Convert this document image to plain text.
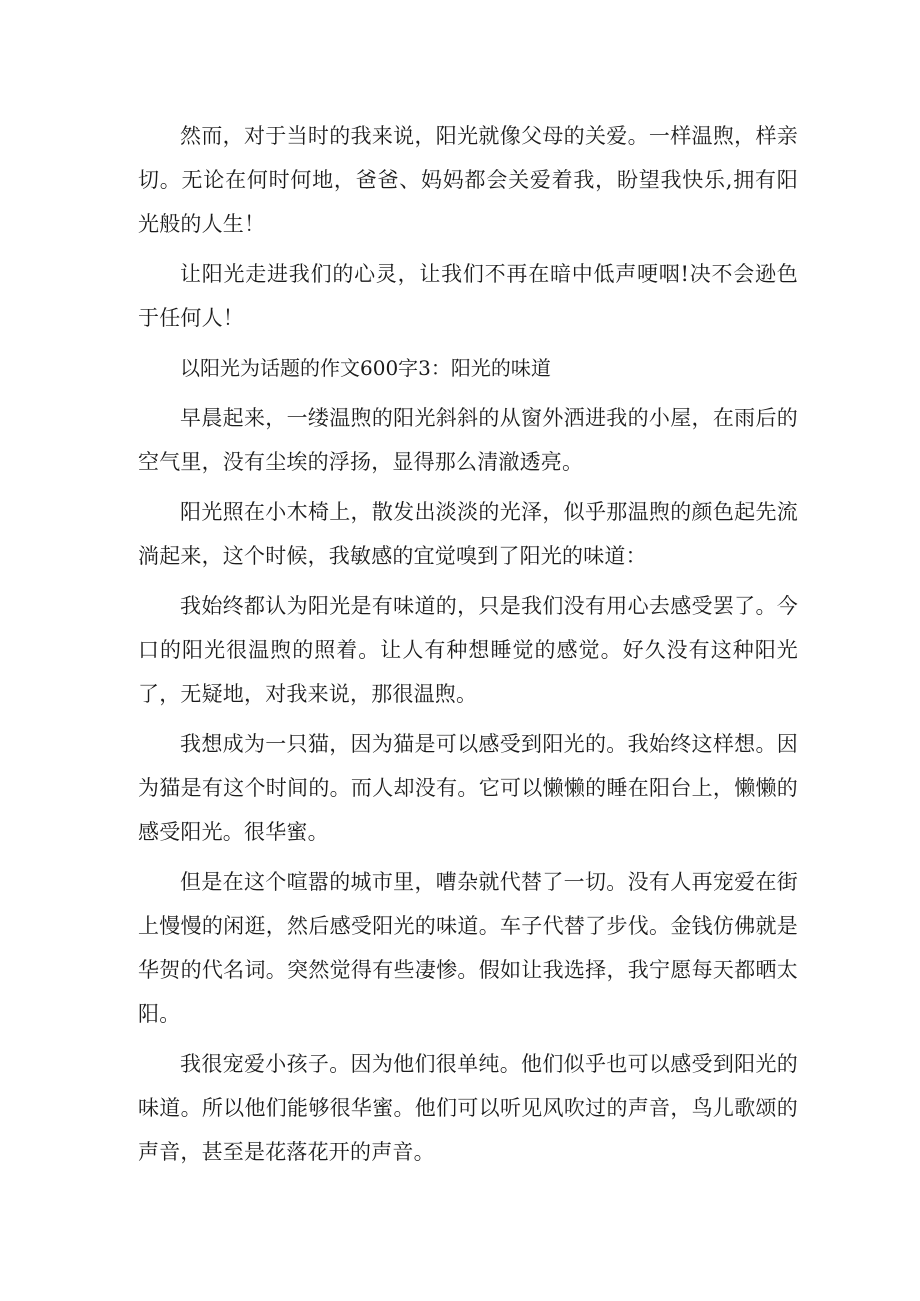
然而，对于当时的我来说，阳光就像父母的关爱。一样温煦，样亲切。无论在何时何地，爸爸、妈妈都会关爱着我，盼望我快乐,拥有阳光般的人生！

让阳光走进我们的心灵，让我们不再在暗中低声哽咽!决不会逊色于任何人！

以阳光为话题的作文600字3：阳光的味道

早晨起来，一缕温煦的阳光斜斜的从窗外洒进我的小屋，在雨后的空气里，没有尘埃的浮扬，显得那么清澈透亮。

阳光照在小木椅上，散发出淡淡的光泽，似乎那温煦的颜色起先流淌起来，这个时候，我敏感的宜觉嗅到了阳光的味道：

我始终都认为阳光是有味道的，只是我们没有用心去感受罢了。今口的阳光很温煦的照着。让人有种想睡觉的感觉。好久没有这种阳光了，无疑地，对我来说，那很温煦。

我想成为一只猫，因为猫是可以感受到阳光的。我始终这样想。因为猫是有这个时间的。而人却没有。它可以懒懒的睡在阳台上，懒懒的感受阳光。很华蜜。

但是在这个喧嚣的城市里，嘈杂就代替了一切。没有人再宠爱在街上慢慢的闲逛，然后感受阳光的味道。车子代替了步伐。金钱仿佛就是华贺的代名词。突然觉得有些凄惨。假如让我选择，我宁愿每天都晒太阳。

我很宠爱小孩子。因为他们很单纯。他们似乎也可以感受到阳光的味道。所以他们能够很华蜜。他们可以听见风吹过的声音，鸟儿歌颂的声音，甚至是花落花开的声音。
